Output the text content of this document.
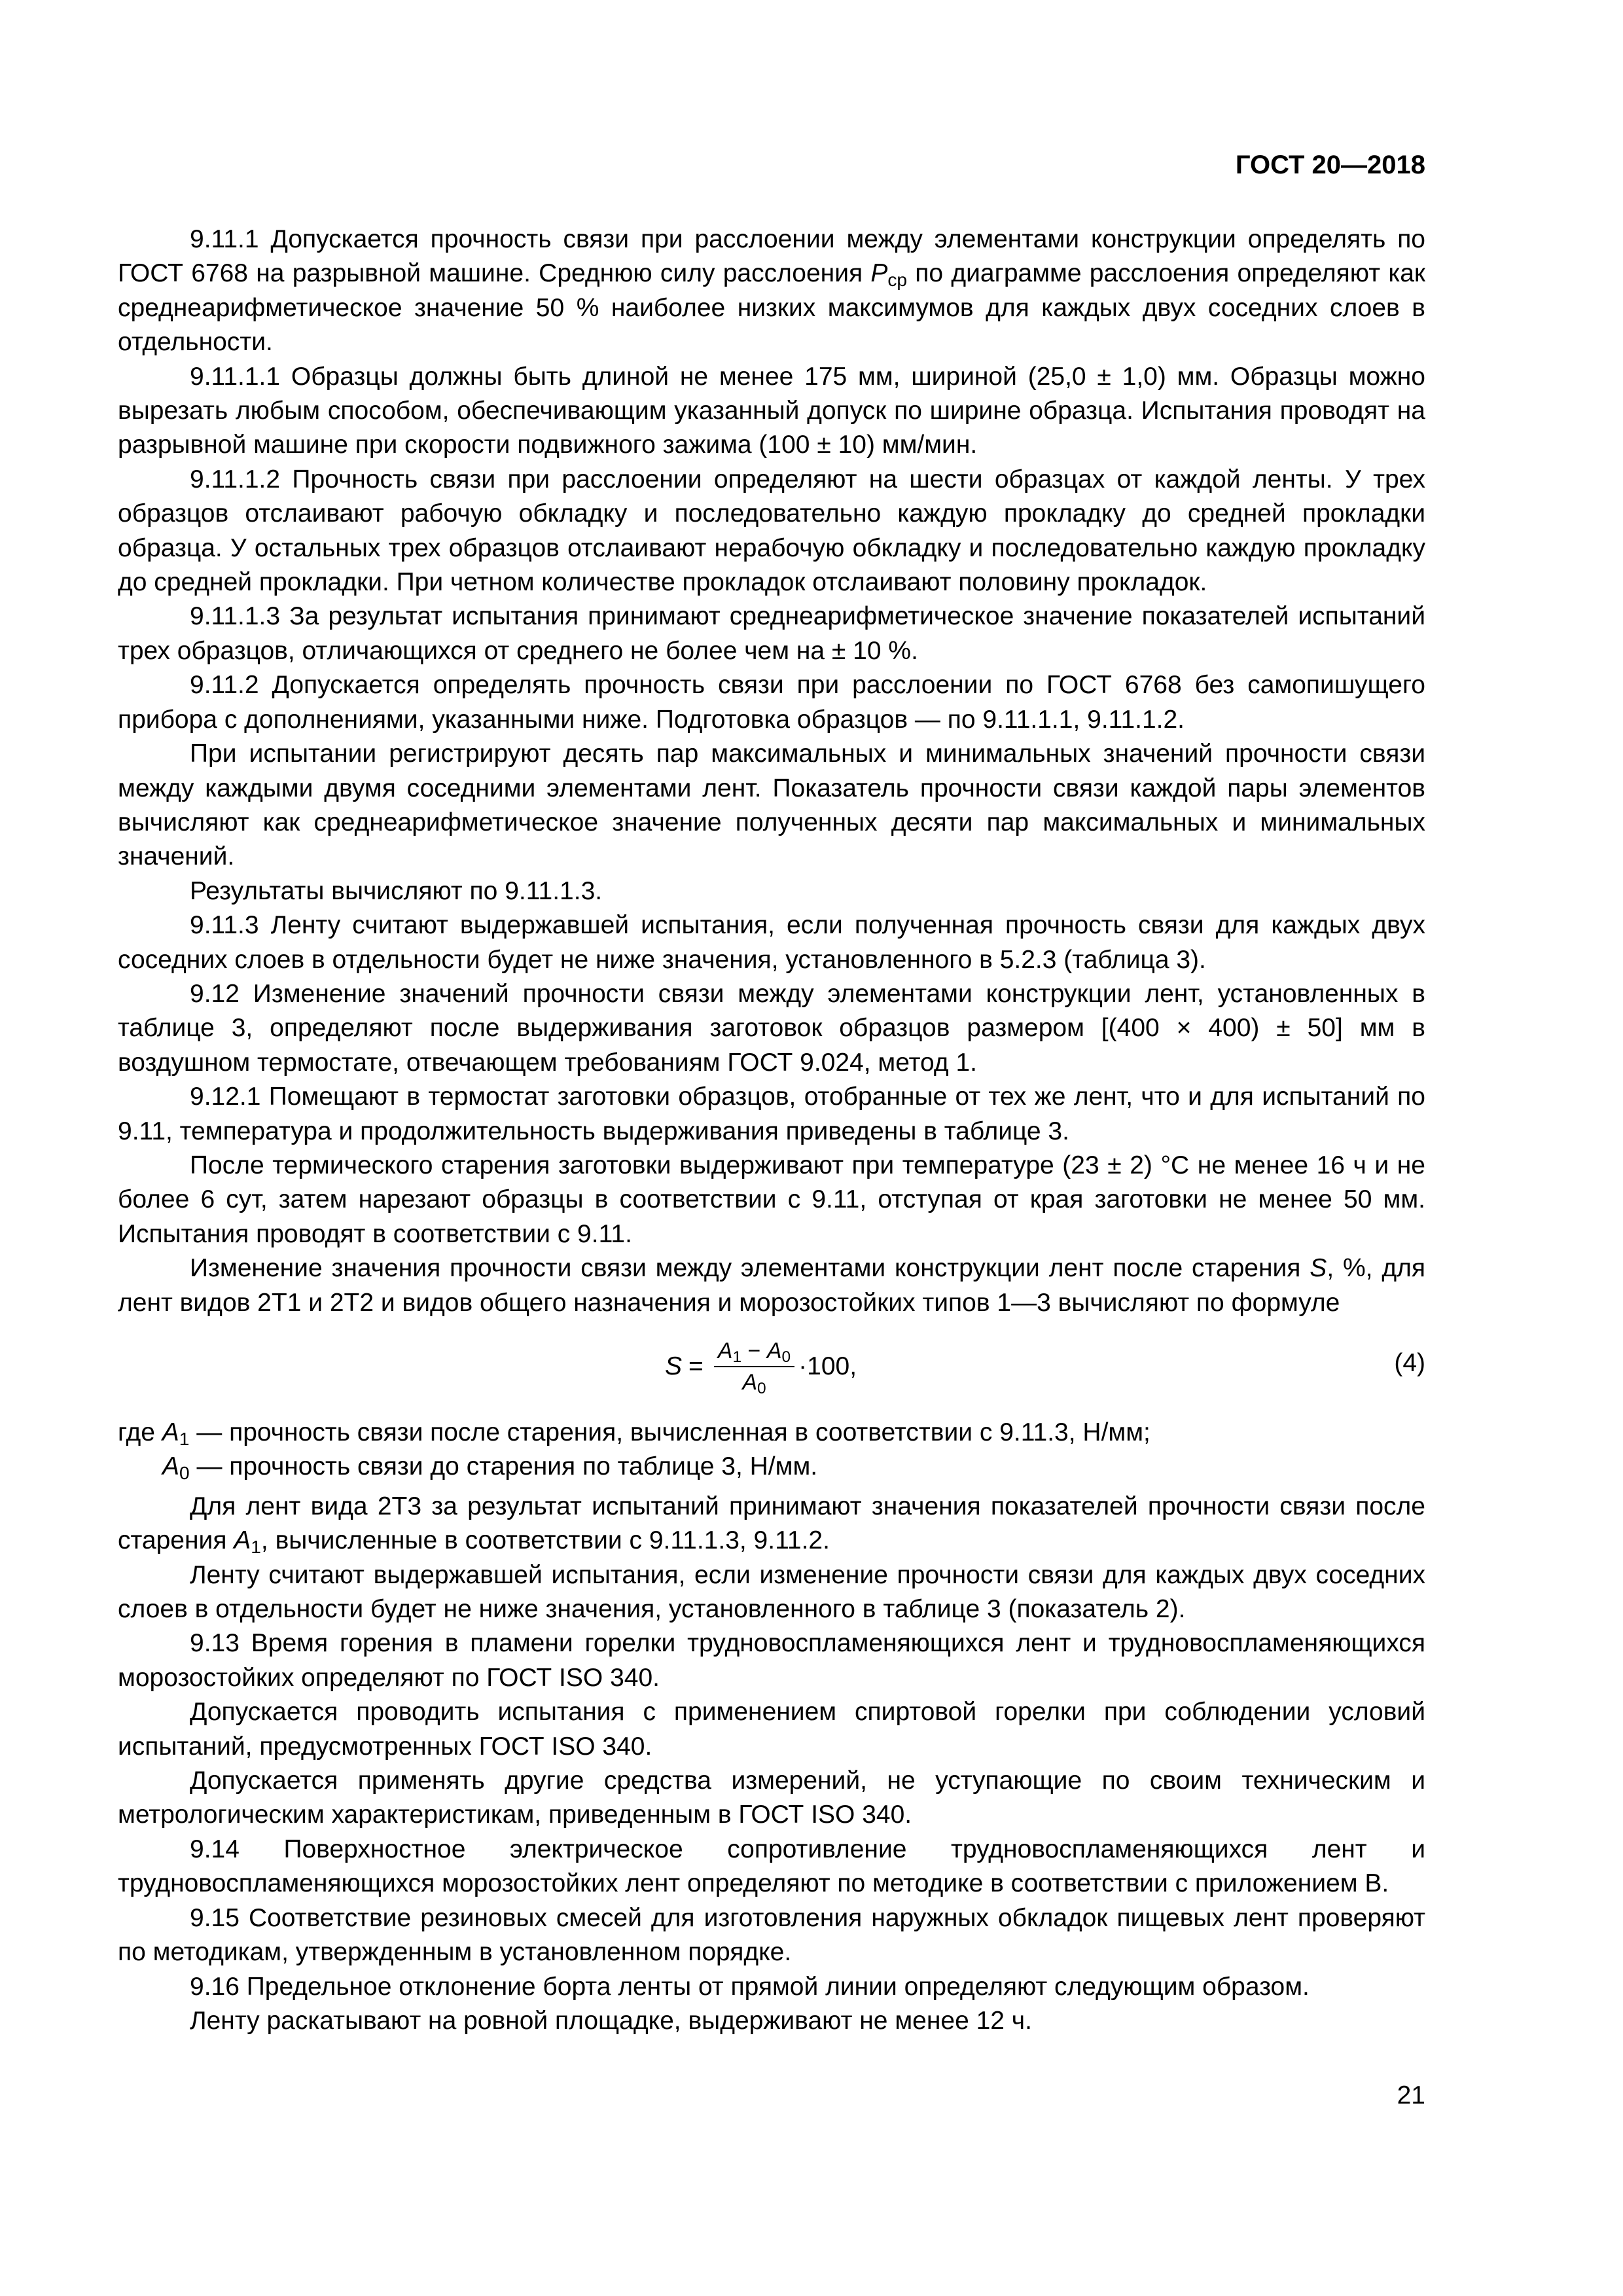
ГОСТ 20—2018

9.11.1 Допускается прочность связи при расслоении между элементами конструкции определять по ГОСТ 6768 на разрывной машине. Среднюю силу расслоения $P_{ср}$ по диаграмме расслоения определяют как среднеарифметическое значение 50 % наиболее низких максимумов для каждых двух соседних слоев в отдельности.

9.11.1.1 Образцы должны быть длиной не менее 175 мм, шириной (25,0 ± 1,0) мм. Образцы можно вырезать любым способом, обеспечивающим указанный допуск по ширине образца. Испытания проводят на разрывной машине при скорости подвижного зажима (100 ± 10) мм/мин.

9.11.1.2 Прочность связи при расслоении определяют на шести образцах от каждой ленты. У трех образцов отслаивают рабочую обкладку и последовательно каждую прокладку до средней прокладки образца. У остальных трех образцов отслаивают нерабочую обкладку и последовательно каждую прокладку до средней прокладки. При четном количестве прокладок отслаивают половину прокладок.

9.11.1.3 За результат испытания принимают среднеарифметическое значение показателей испытаний трех образцов, отличающихся от среднего не более чем на ± 10 %.

9.11.2 Допускается определять прочность связи при расслоении по ГОСТ 6768 без самопишущего прибора с дополнениями, указанными ниже. Подготовка образцов — по 9.11.1.1, 9.11.1.2.

При испытании регистрируют десять пар максимальных и минимальных значений прочности связи между каждыми двумя соседними элементами лент. Показатель прочности связи каждой пары элементов вычисляют как среднеарифметическое значение полученных десяти пар максимальных и минимальных значений.

Результаты вычисляют по 9.11.1.3.

9.11.3 Ленту считают выдержавшей испытания, если полученная прочность связи для каждых двух соседних слоев в отдельности будет не ниже значения, установленного в 5.2.3 (таблица 3).

9.12 Изменение значений прочности связи между элементами конструкции лент, установленных в таблице 3, определяют после выдерживания заготовок образцов размером [(400 × 400) ± 50] мм в воздушном термостате, отвечающем требованиям ГОСТ 9.024, метод 1.

9.12.1 Помещают в термостат заготовки образцов, отобранные от тех же лент, что и для испытаний по 9.11, температура и продолжительность выдерживания приведены в таблице 3.

После термического старения заготовки выдерживают при температуре (23 ± 2) °С не менее 16 ч и не более 6 сут, затем нарезают образцы в соответствии с 9.11, отступая от края заготовки не менее 50 мм. Испытания проводят в соответствии с 9.11.

Изменение значения прочности связи между элементами конструкции лент после старения S, %, для лент видов 2Т1 и 2Т2 и видов общего назначения и морозостойких типов 1—3 вычисляют по формуле

$S = \frac{A_1 - A_0}{A_0} \cdot 100$,	(4)

где $A_1$ — прочность связи после старения, вычисленная в соответствии с 9.11.3, Н/мм;

$A_0$ — прочность связи до старения по таблице 3, Н/мм.

Для лент вида 2Т3 за результат испытаний принимают значения показателей прочности связи после старения $A_1$, вычисленные в соответствии с 9.11.1.3, 9.11.2.

Ленту считают выдержавшей испытания, если изменение прочности связи для каждых двух соседних слоев в отдельности будет не ниже значения, установленного в таблице 3 (показатель 2).

9.13 Время горения в пламени горелки трудновоспламеняющихся лент и трудновоспламеняющихся морозостойких определяют по ГОСТ ISO 340.

Допускается проводить испытания с применением спиртовой горелки при соблюдении условий испытаний, предусмотренных ГОСТ ISO 340.

Допускается применять другие средства измерений, не уступающие по своим техническим и метрологическим характеристикам, приведенным в ГОСТ ISO 340.

9.14 Поверхностное электрическое сопротивление трудновоспламеняющихся лент и трудновоспламеняющихся морозостойких лент определяют по методике в соответствии с приложением В.

9.15 Соответствие резиновых смесей для изготовления наружных обкладок пищевых лент проверяют по методикам, утвержденным в установленном порядке.

9.16 Предельное отклонение борта ленты от прямой линии определяют следующим образом.

Ленту раскатывают на ровной площадке, выдерживают не менее 12 ч.

21
